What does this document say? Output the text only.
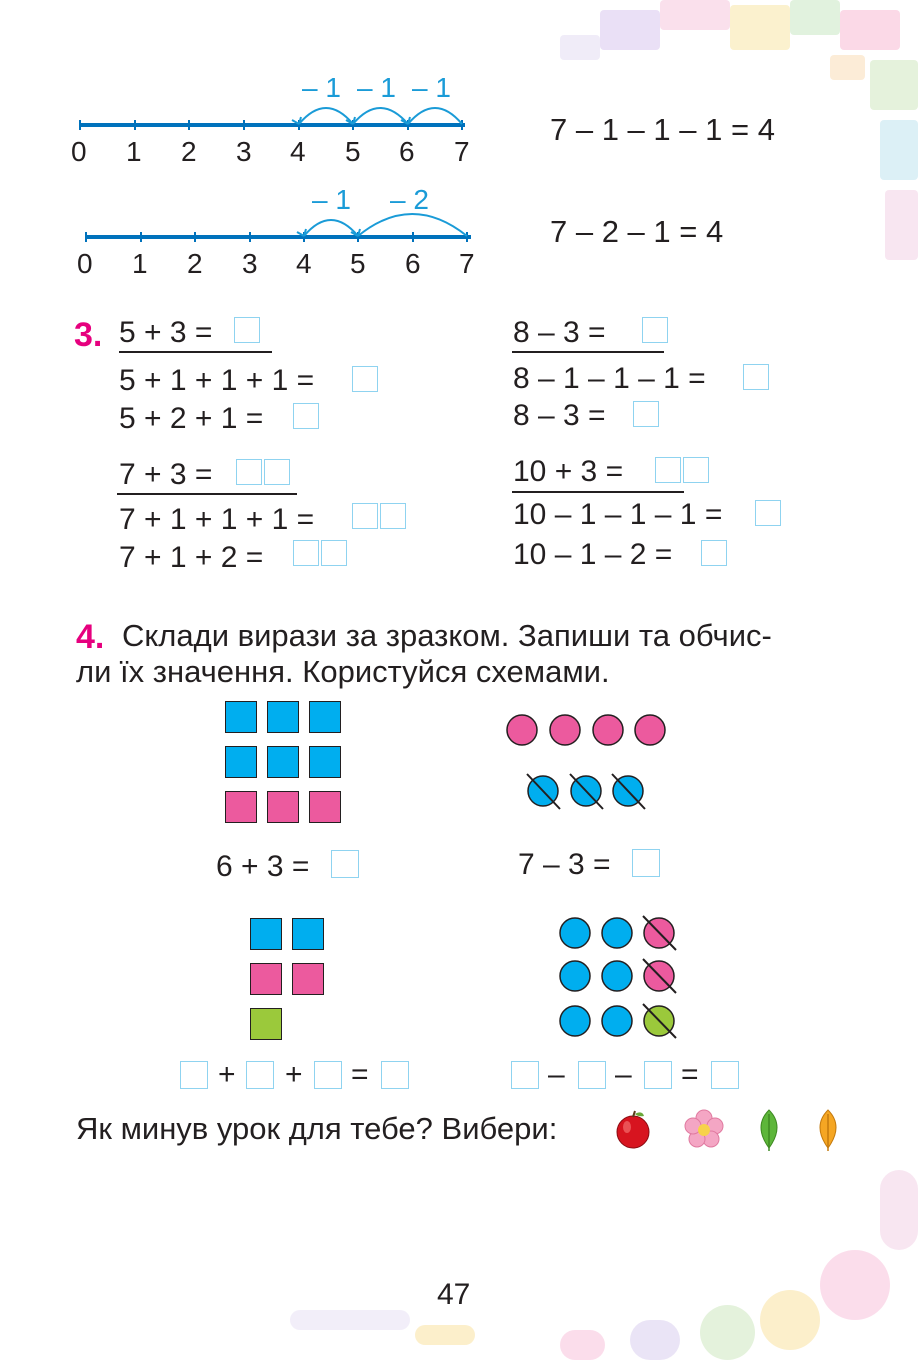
0 1 2 3 4 5 6 7
– 1 – 1 – 1
7 – 1 – 1 – 1 = 4
0 1 2 3 4 5 6 7
– 1 – 2
7 – 2 – 1 = 4
3. 5 + 3 =
5 + 1 + 1 + 1 =
5 + 2 + 1 =
7 + 3 =
7 + 1 + 1 + 1 =
7 + 1 + 2 =
8 – 3 =
8 – 1 – 1 – 1 =
8 – 3 =
10 + 3 =
10 – 1 – 1 – 1 =
10 – 1 – 2 =
4. Склади вирази за зразком. Запиши та обчис-
ли їх значення. Користуйся схемами.
6 + 3 =	7 – 3 =
+ + =	– – =
Як минув урок для тебе? Вибери:
47
